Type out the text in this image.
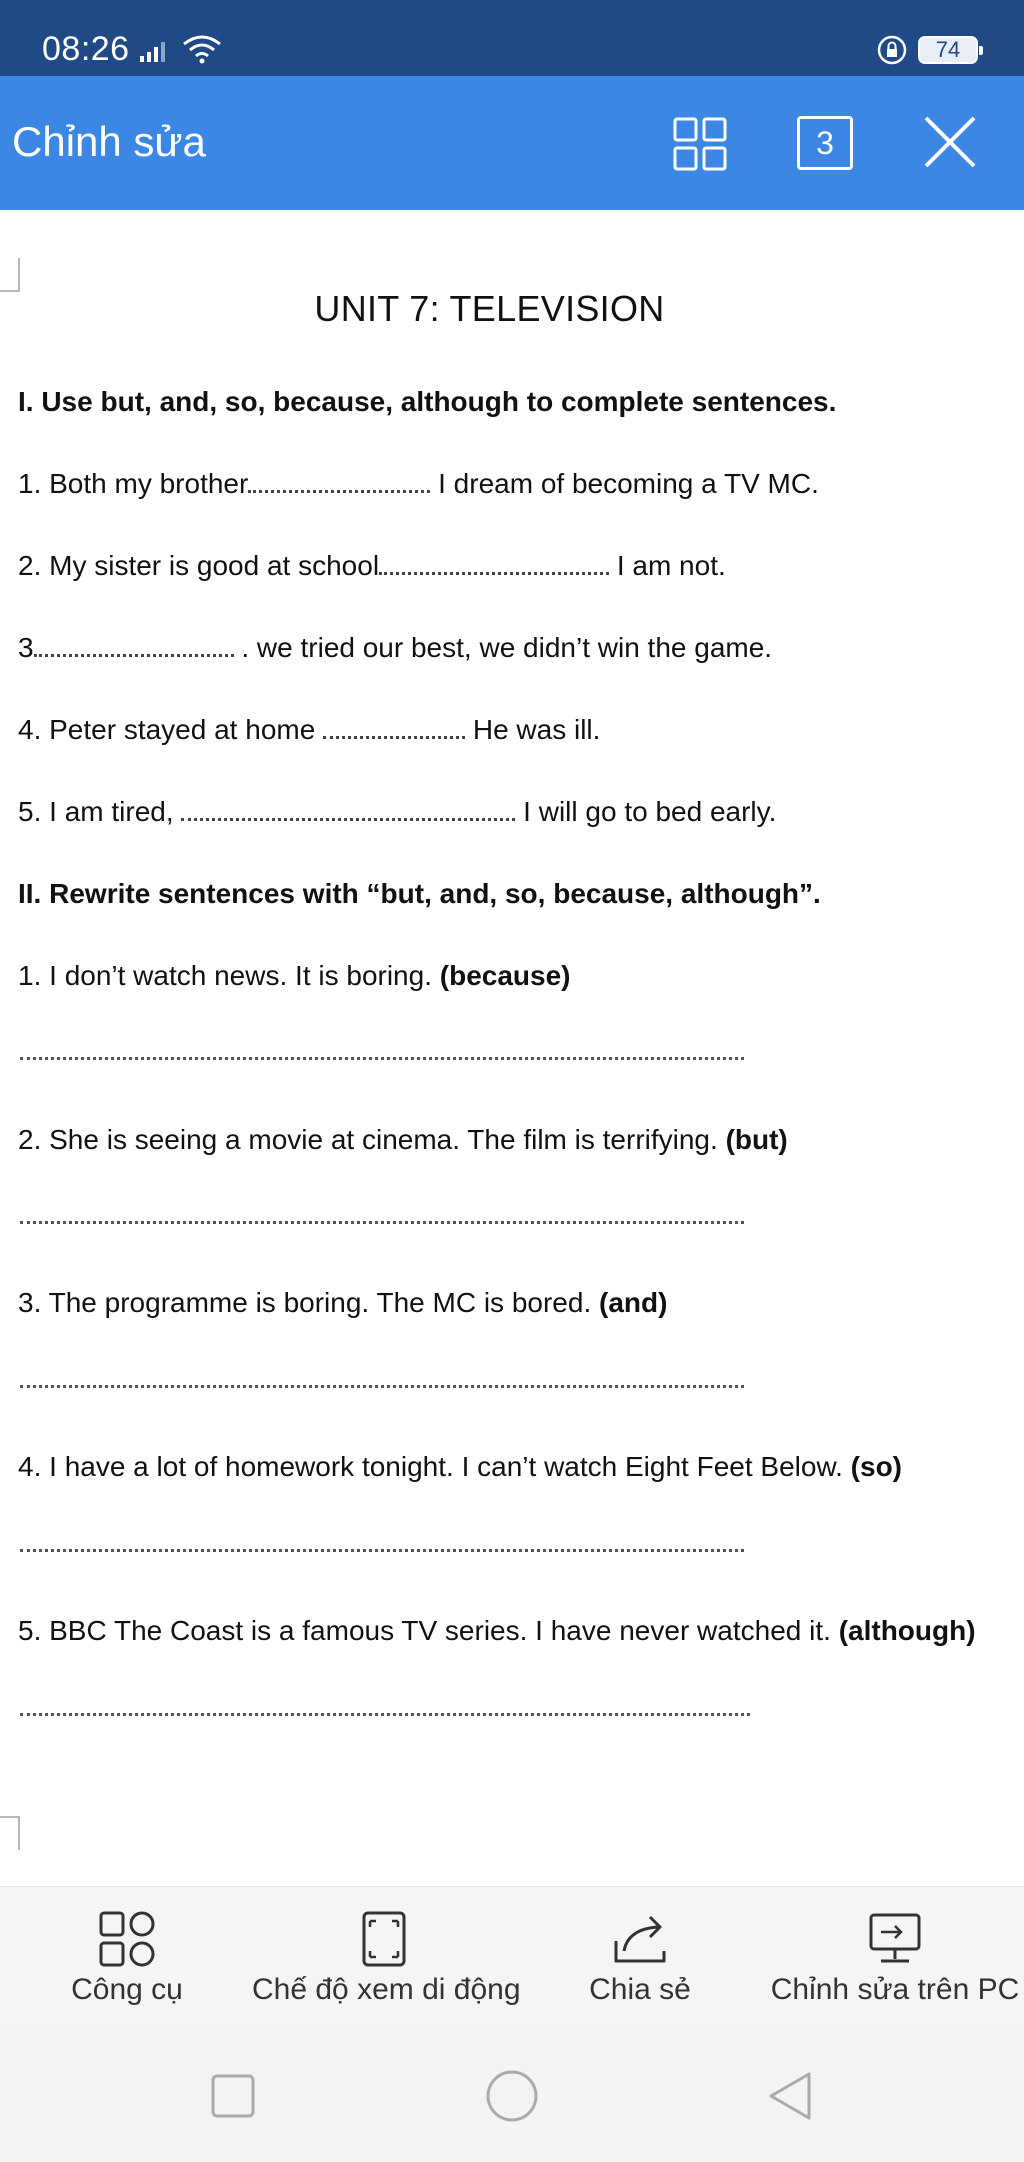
08:26	74
Chỉnh sửa	3
UNIT 7: TELEVISION
I. Use but, and, so, because, although to complete sentences.
1. Both my brother	I dream of becoming a TV MC.
2. My sister is good at school	I am not.
3	. we tried our best, we didn’t win the game.
4. Peter stayed at home	He was ill.
5. I am tired,	I will go to bed early.
II. Rewrite sentences with “but, and, so, because, although”.
1. I don’t watch news. It is boring. (because)
2. She is seeing a movie at cinema. The film is terrifying. (but)
3. The programme is boring. The MC is bored. (and)
4. I have a lot of homework tonight. I can’t watch Eight Feet Below. (so)
5. BBC The Coast is a famous TV series. I have never watched it. (although)
Công cụ	Chế độ xem di động	Chia sẻ	Chỉnh sửa trên PC
